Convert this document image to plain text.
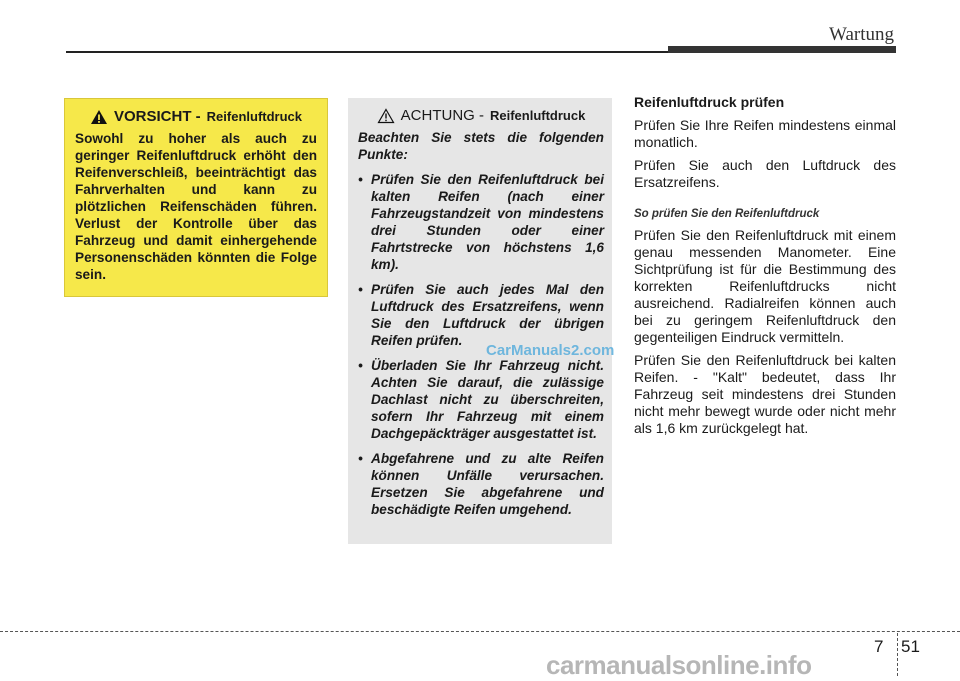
Wartung
VORSICHT - Reifenluftdruck
Sowohl zu hoher als auch zu geringer Reifenluftdruck erhöht den Reifenverschleiß, beeinträchtigt das Fahrverhalten und kann zu plötzlichen Reifenschäden führen. Verlust der Kontrolle über das Fahrzeug und damit einhergehende Personenschäden könnten die Folge sein.
ACHTUNG - Reifenluftdruck

Beachten Sie stets die folgenden Punkte:

• Prüfen Sie den Reifenluftdruck bei kalten Reifen (nach einer Fahrzeugstandzeit von mindestens drei Stunden oder einer Fahrtstrecke von höchstens 1,6 km).
• Prüfen Sie auch jedes Mal den Luftdruck des Ersatzreifens, wenn Sie den Luftdruck der übrigen Reifen prüfen.
• Überladen Sie Ihr Fahrzeug nicht. Achten Sie darauf, die zulässige Dachlast nicht zu überschreiten, sofern Ihr Fahrzeug mit einem Dachgepäckträger ausgestattet ist.
• Abgefahrene und zu alte Reifen können Unfälle verursachen. Ersetzen Sie abgefahrene und beschädigte Reifen umgehend.
CarManuals2.com
Reifenluftdruck prüfen

Prüfen Sie Ihre Reifen mindestens einmal monatlich.

Prüfen Sie auch den Luftdruck des Ersatzreifens.

So prüfen Sie den Reifenluftdruck

Prüfen Sie den Reifenluftdruck mit einem genau messenden Manometer. Eine Sichtprüfung ist für die Bestimmung des korrekten Reifenluftdrucks nicht ausreichend. Radialreifen können auch bei zu geringem Reifenluftdruck den gegenteiligen Eindruck vermitteln.

Prüfen Sie den Reifenluftdruck bei kalten Reifen. - "Kalt" bedeutet, dass Ihr Fahrzeug seit mindestens drei Stunden nicht mehr bewegt wurde oder nicht mehr als 1,6 km zurückgelegt hat.

7 51
carmanualsonline.info
